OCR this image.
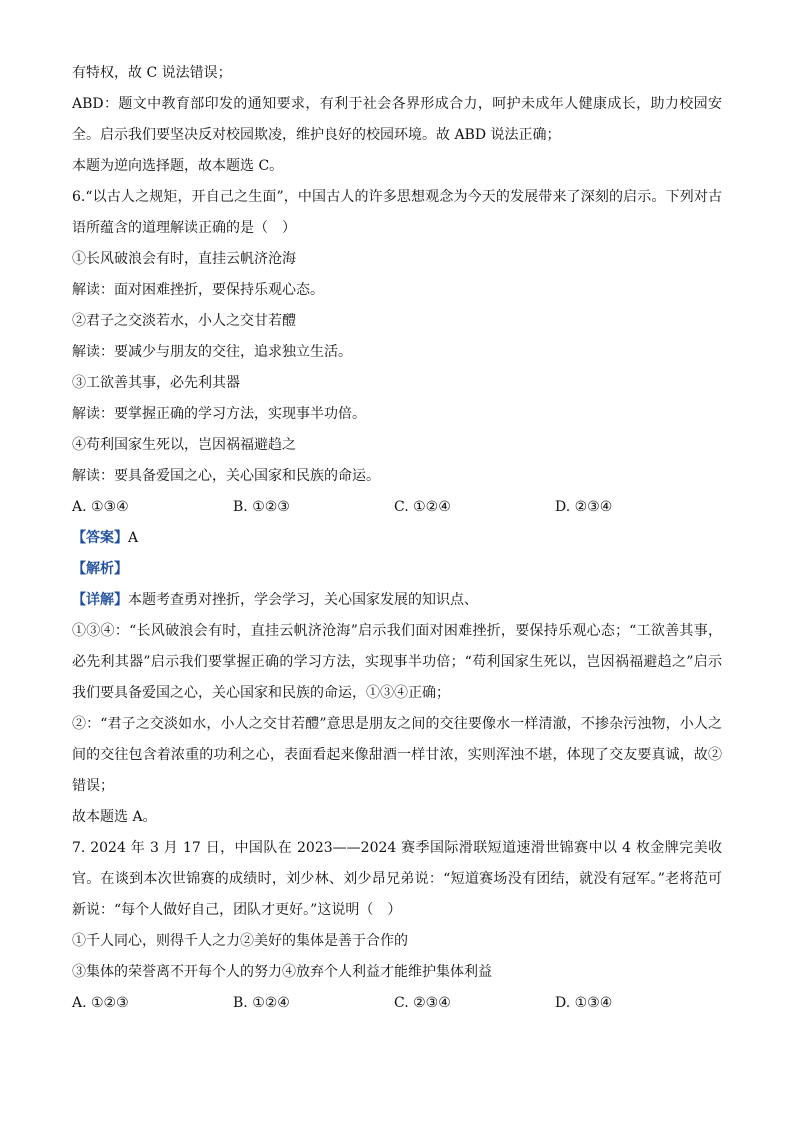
有特权，故 C 说法错误；
ABD：题文中教育部印发的通知要求，有利于社会各界形成合力，呵护未成年人健康成长，助力校园安全。启示我们要坚决反对校园欺凌，维护良好的校园环境。故 ABD 说法正确；
本题为逆向选择题，故本题选 C。
6.“以古人之规矩，开自己之生面”，中国古人的许多思想观念为今天的发展带来了深刻的启示。下列对古语所蕴含的道理解读正确的是（　）
①长风破浪会有时，直挂云帆济沧海
解读：面对困难挫折，要保持乐观心态。
②君子之交淡若水，小人之交甘若醴
解读：要减少与朋友的交往，追求独立生活。
③工欲善其事，必先利其器
解读：要掌握正确的学习方法，实现事半功倍。
④苟利国家生死以，岂因祸福避趋之
解读：要具备爱国之心，关心国家和民族的命运。
A. ①③④	B. ①②③	C. ①②④	D. ②③④
【答案】A
【解析】
【详解】本题考查勇对挫折，学会学习，关心国家发展的知识点、
①③④：“长风破浪会有时，直挂云帆济沧海”启示我们面对困难挫折，要保持乐观心态；“工欲善其事，必先利其器”启示我们要掌握正确的学习方法，实现事半功倍；“苟利国家生死以，岂因祸福避趋之”启示我们要具备爱国之心，关心国家和民族的命运，①③④正确；
②：“君子之交淡如水，小人之交甘若醴”意思是朋友之间的交往要像水一样清澈，不掺杂污浊物，小人之间的交往包含着浓重的功利之心，表面看起来像甜酒一样甘浓，实则浑浊不堪，体现了交友要真诚，故②错误；
故本题选 A。
7. 2024 年 3 月 17 日，中国队在 2023——2024 赛季国际滑联短道速滑世锦赛中以 4 枚金牌完美收官。在谈到本次世锦赛的成绩时，刘少林、刘少昂兄弟说：“短道赛场没有团结，就没有冠军。”老将范可新说：“每个人做好自己，团队才更好。”这说明（　）
①千人同心，则得千人之力②美好的集体是善于合作的
③集体的荣誉离不开每个人的努力④放弃个人利益才能维护集体利益
A. ①②③	B. ①②④	C. ②③④	D. ①③④
